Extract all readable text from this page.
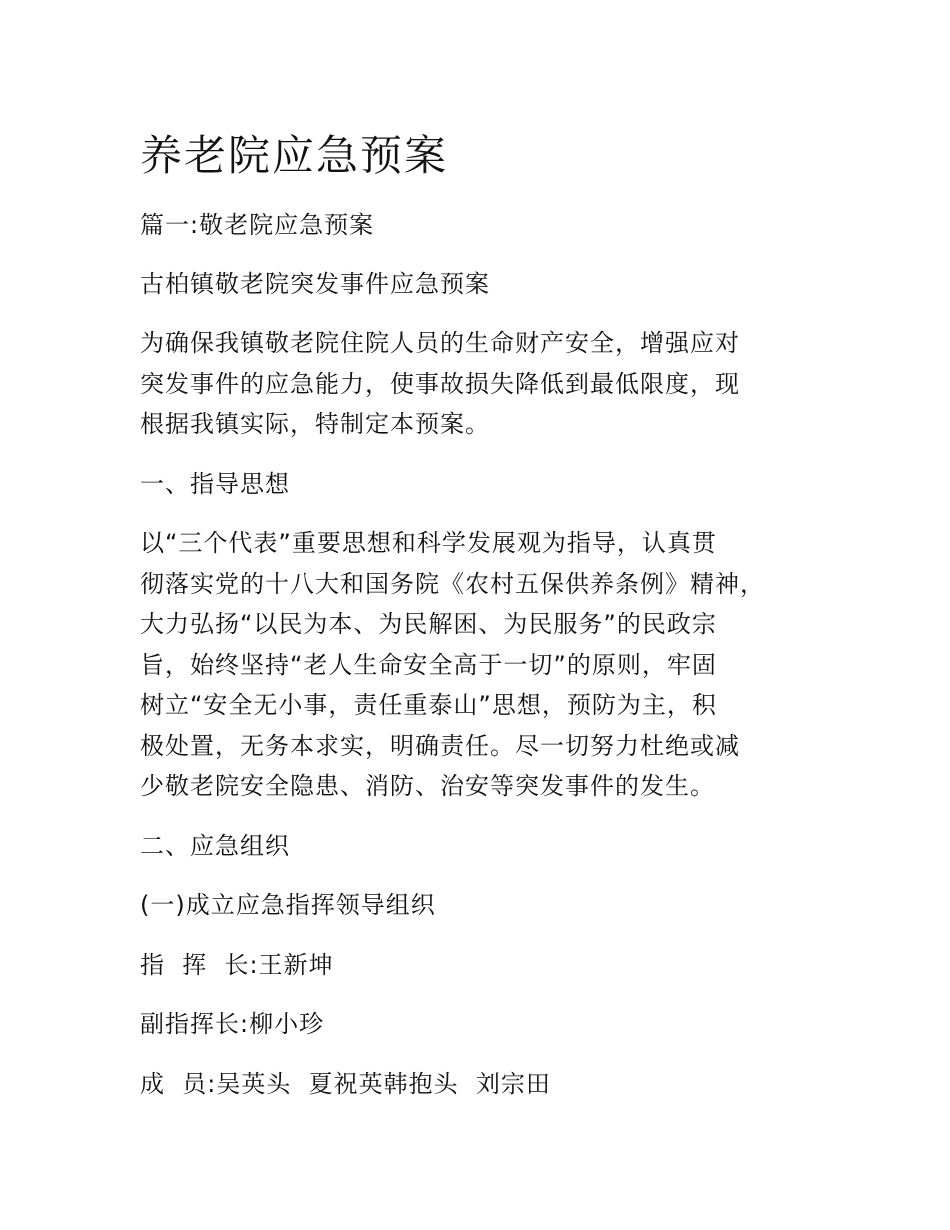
养老院应急预案
篇一:敬老院应急预案
古柏镇敬老院突发事件应急预案
为确保我镇敬老院住院人员的生命财产安全，增强应对
突发事件的应急能力，使事故损失降低到最低限度，现
根据我镇实际，特制定本预案。
一、指导思想
以“三个代表”重要思想和科学发展观为指导，认真贯
彻落实党的十八大和国务院《农村五保供养条例》精神，
大力弘扬“以民为本、为民解困、为民服务”的民政宗
旨，始终坚持“老人生命安全高于一切”的原则，牢固
树立“安全无小事，责任重泰山”思想，预防为主，积
极处置，无务本求实，明确责任。尽一切努力杜绝或减
少敬老院安全隐患、消防、治安等突发事件的发生。
二、应急组织
(一)成立应急指挥领导组织
指  挥  长:王新坤
副指挥长:柳小珍
成  员:吴英头  夏祝英韩抱头  刘宗田
